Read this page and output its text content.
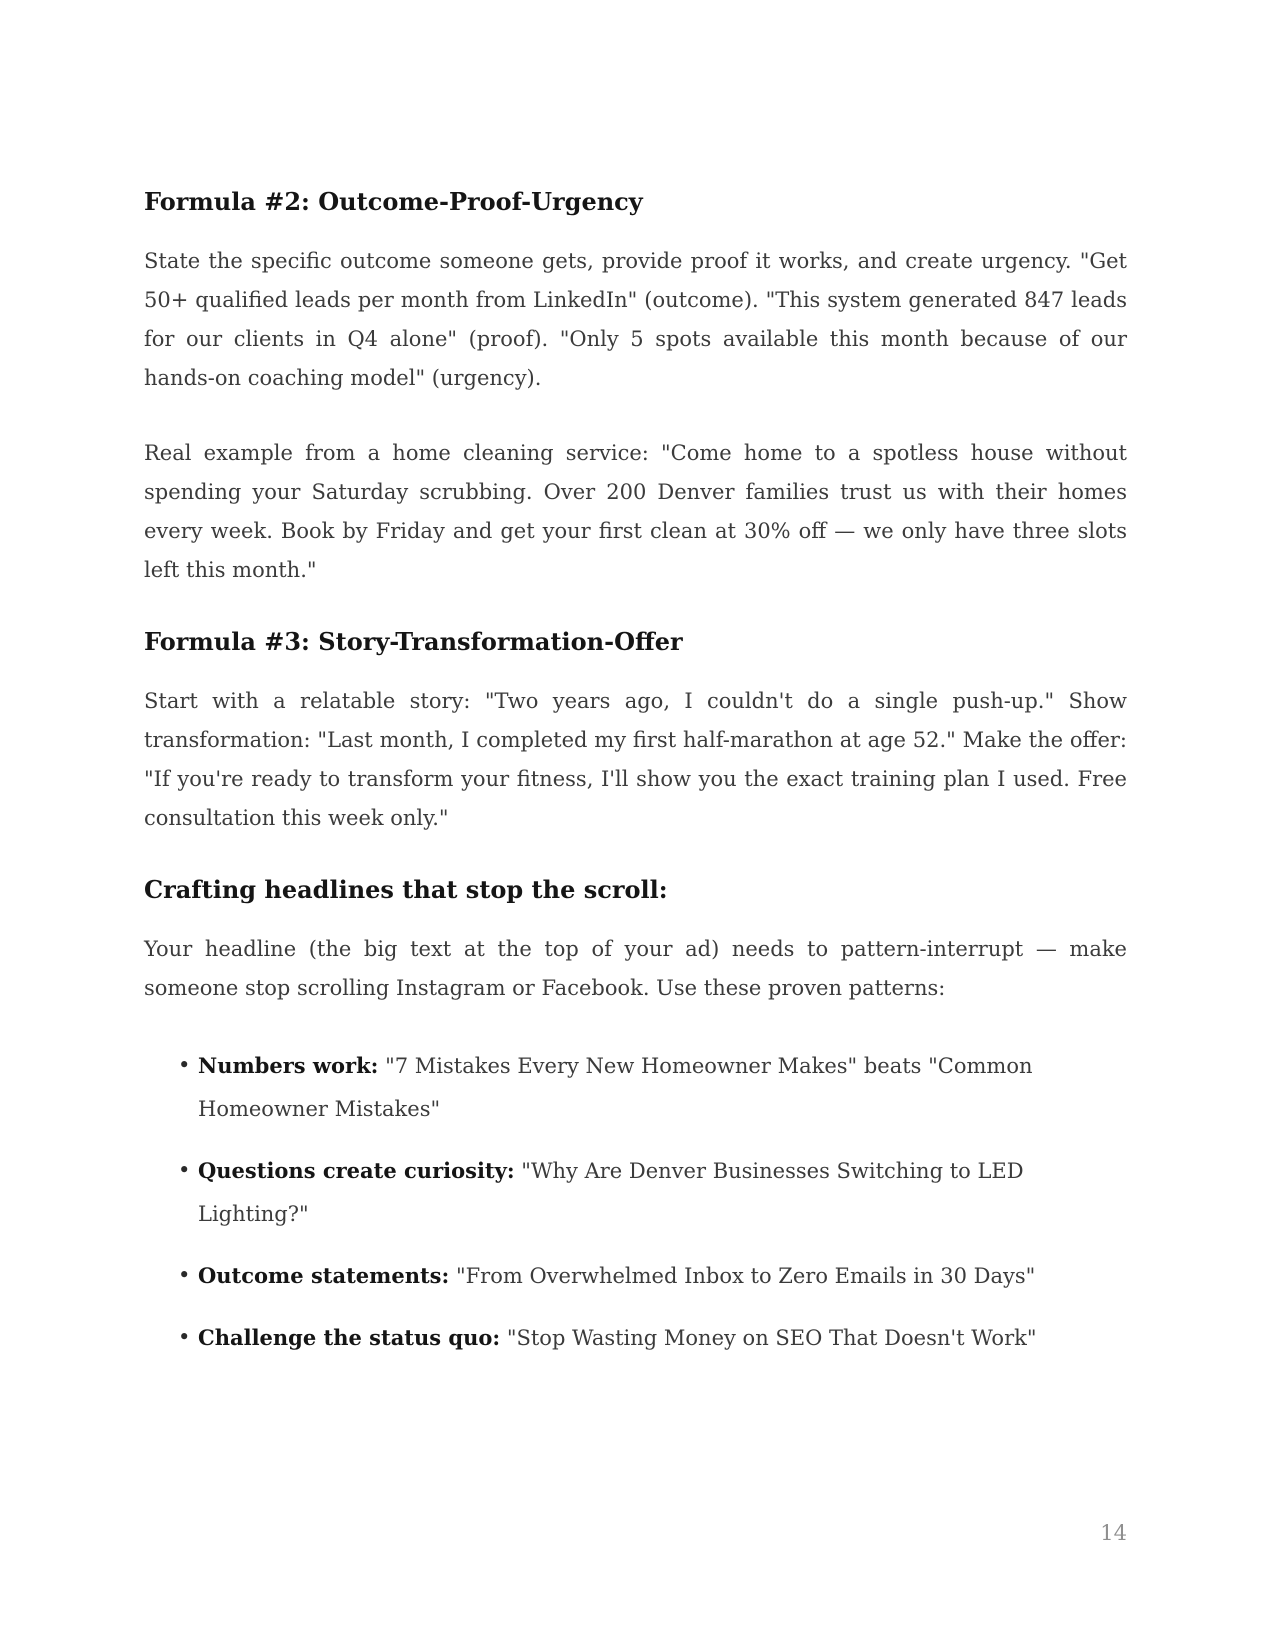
Formula #2: Outcome-Proof-Urgency

State the specific outcome someone gets, provide proof it works, and create urgency. "Get 50+ qualified leads per month from LinkedIn" (outcome). "This system generated 847 leads for our clients in Q4 alone" (proof). "Only 5 spots available this month because of our hands-on coaching model" (urgency).

Real example from a home cleaning service: "Come home to a spotless house without spending your Saturday scrubbing. Over 200 Denver families trust us with their homes every week. Book by Friday and get your first clean at 30% off — we only have three slots left this month."

Formula #3: Story-Transformation-Offer

Start with a relatable story: "Two years ago, I couldn't do a single push-up." Show transformation: "Last month, I completed my first half-marathon at age 52." Make the offer: "If you're ready to transform your fitness, I'll show you the exact training plan I used. Free consultation this week only."

Crafting headlines that stop the scroll:

Your headline (the big text at the top of your ad) needs to pattern-interrupt — make someone stop scrolling Instagram or Facebook. Use these proven patterns:

• Numbers work: "7 Mistakes Every New Homeowner Makes" beats "Common Homeowner Mistakes"
• Questions create curiosity: "Why Are Denver Businesses Switching to LED Lighting?"
• Outcome statements: "From Overwhelmed Inbox to Zero Emails in 30 Days"
• Challenge the status quo: "Stop Wasting Money on SEO That Doesn't Work"
14
